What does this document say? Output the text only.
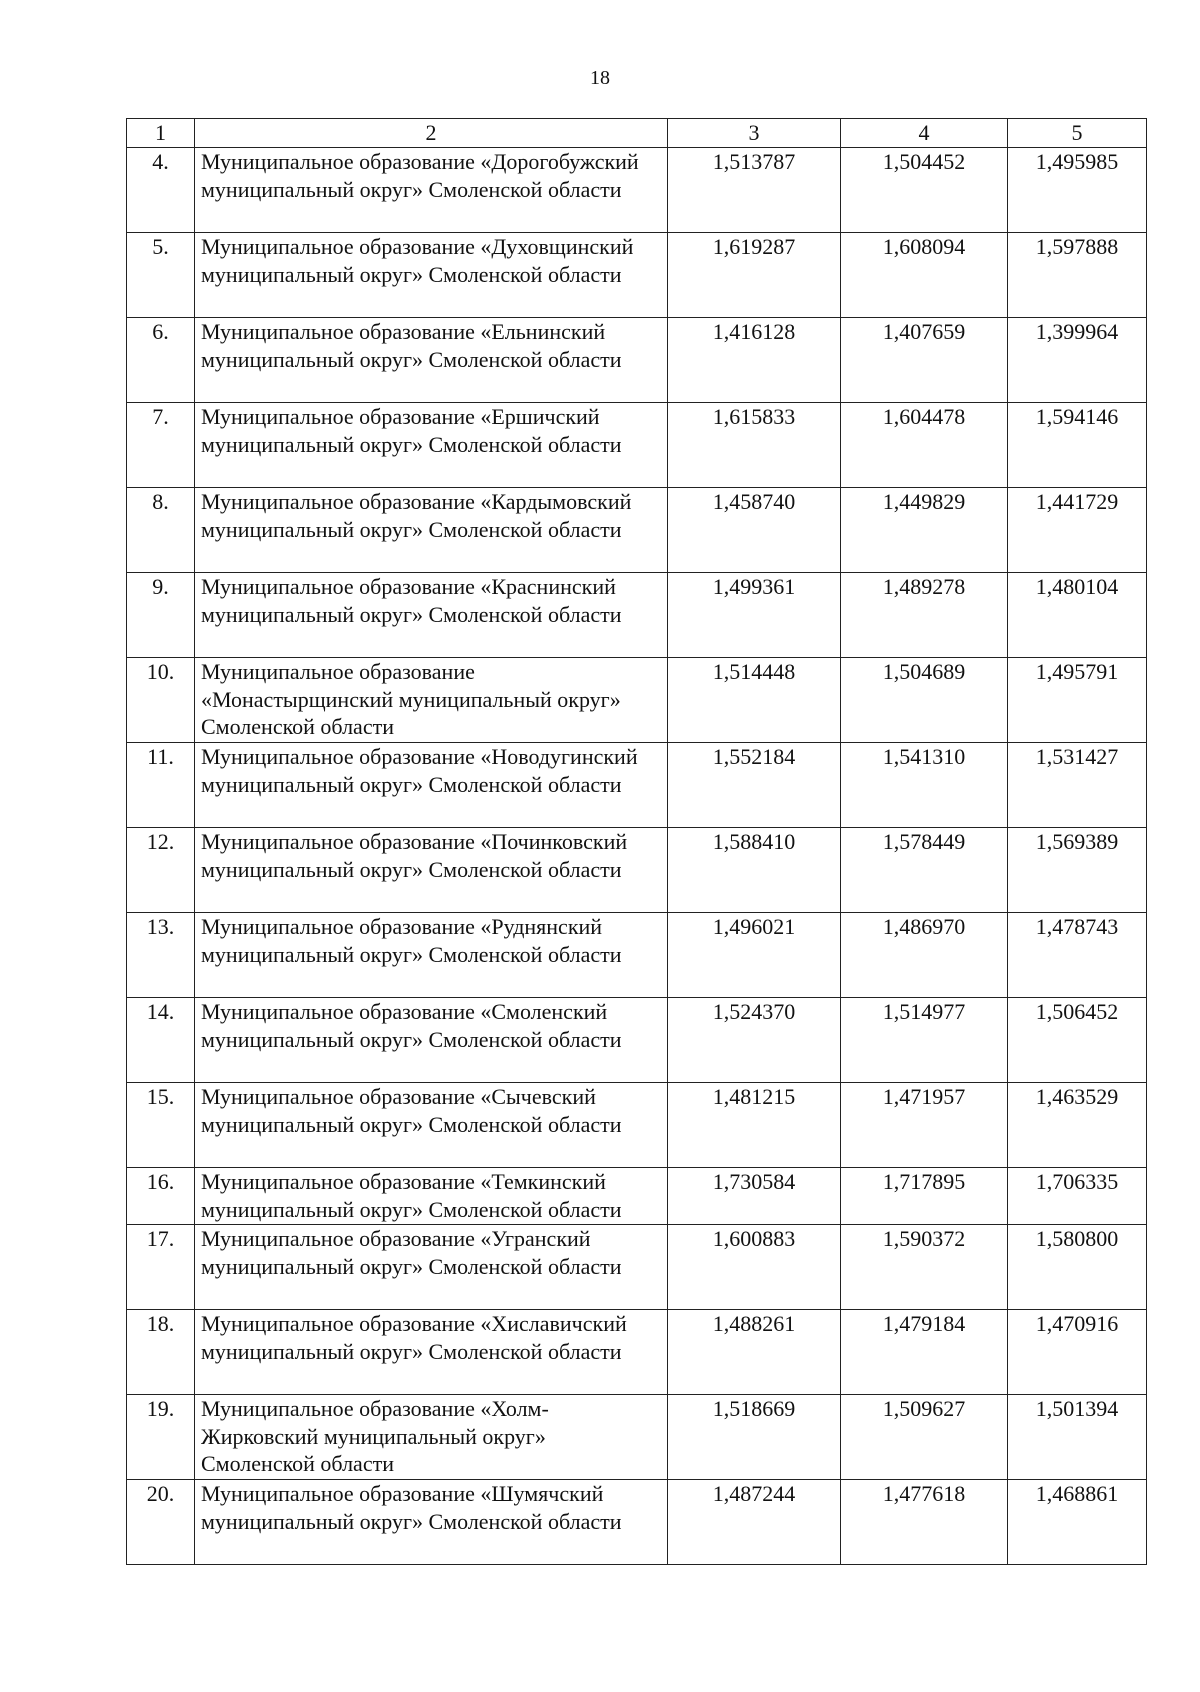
18
1	2	3	4	5
4.	Муниципальное образование «Дорогобужский муниципальный округ» Смоленской области	1,513787	1,504452	1,495985
5.	Муниципальное образование «Духовщинский муниципальный округ» Смоленской области	1,619287	1,608094	1,597888
6.	Муниципальное образование «Ельнинский муниципальный округ» Смоленской области	1,416128	1,407659	1,399964
7.	Муниципальное образование «Ершичский муниципальный округ» Смоленской области	1,615833	1,604478	1,594146
8.	Муниципальное образование «Кардымовский муниципальный округ» Смоленской области	1,458740	1,449829	1,441729
9.	Муниципальное образование «Краснинский муниципальный округ» Смоленской области	1,499361	1,489278	1,480104
10.	Муниципальное образование «Монастырщинский муниципальный округ» Смоленской области	1,514448	1,504689	1,495791
11.	Муниципальное образование «Новодугинский муниципальный округ» Смоленской области	1,552184	1,541310	1,531427
12.	Муниципальное образование «Починковский муниципальный округ» Смоленской области	1,588410	1,578449	1,569389
13.	Муниципальное образование «Руднянский муниципальный округ» Смоленской области	1,496021	1,486970	1,478743
14.	Муниципальное образование «Смоленский муниципальный округ» Смоленской области	1,524370	1,514977	1,506452
15.	Муниципальное образование «Сычевский муниципальный округ» Смоленской области	1,481215	1,471957	1,463529
16.	Муниципальное образование «Темкинский муниципальный округ» Смоленской области	1,730584	1,717895	1,706335
17.	Муниципальное образование «Угранский муниципальный округ» Смоленской области	1,600883	1,590372	1,580800
18.	Муниципальное образование «Хиславичский муниципальный округ» Смоленской области	1,488261	1,479184	1,470916
19.	Муниципальное образование «Холм-Жирковский муниципальный округ» Смоленской области	1,518669	1,509627	1,501394
20.	Муниципальное образование «Шумячский муниципальный округ» Смоленской области	1,487244	1,477618	1,468861
